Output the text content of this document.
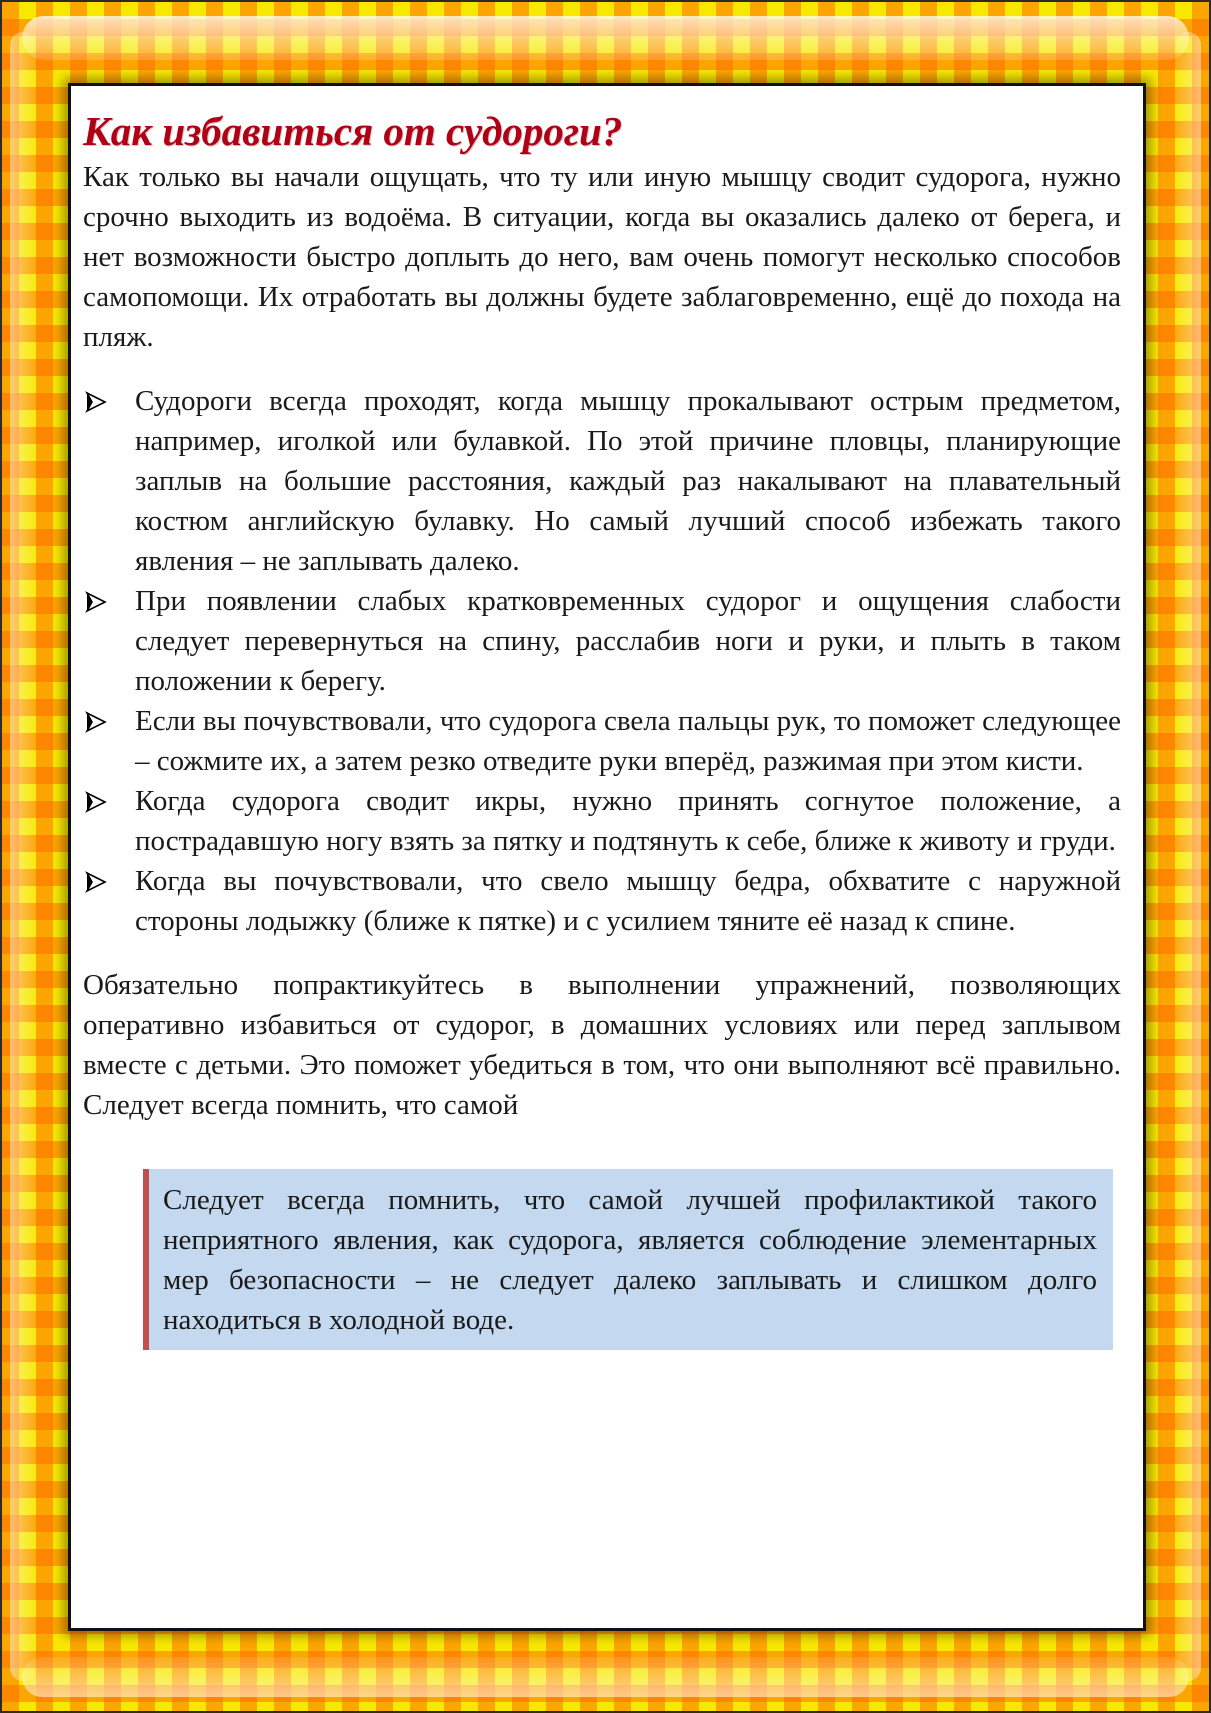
Как избавиться от судороги?

Как только вы начали ощущать, что ту или иную мышцу сводит судорога, нужно срочно выходить из водоёма. В ситуации, когда вы оказались далеко от берега, и нет возможности быстро доплыть до него, вам очень помогут несколько способов самопомощи. Их отработать вы должны будете заблаговременно, ещё до похода на пляж.

Судороги всегда проходят, когда мышцу прокалывают острым предметом, например, иголкой или булавкой. По этой причине пловцы, планирующие заплыв на большие расстояния, каждый раз накалывают на плавательный костюм английскую булавку. Но самый лучший способ избежать такого явления – не заплывать далеко.
При появлении слабых кратковременных судорог и ощущения слабости следует перевернуться на спину, расслабив ноги и руки, и плыть в таком положении к берегу.
Если вы почувствовали, что судорога свела пальцы рук, то поможет следующее – сожмите их, а затем резко отведите руки вперёд, разжимая при этом кисти.
Когда судорога сводит икры, нужно принять согнутое положение, а пострадавшую ногу взять за пятку и подтянуть к себе, ближе к животу и груди.
Когда вы почувствовали, что свело мышцу бедра, обхватите с наружной стороны лодыжку (ближе к пятке) и с усилием тяните её назад к спине.

Обязательно попрактикуйтесь в выполнении упражнений, позволяющих оперативно избавиться от судорог, в домашних условиях или перед заплывом вместе с детьми. Это поможет убедиться в том, что они выполняют всё правильно. Следует всегда помнить, что самой

Следует всегда помнить, что самой лучшей профилактикой такого неприятного явления, как судорога, является соблюдение элементарных мер безопасности – не следует далеко заплывать и слишком долго находиться в холодной воде.
